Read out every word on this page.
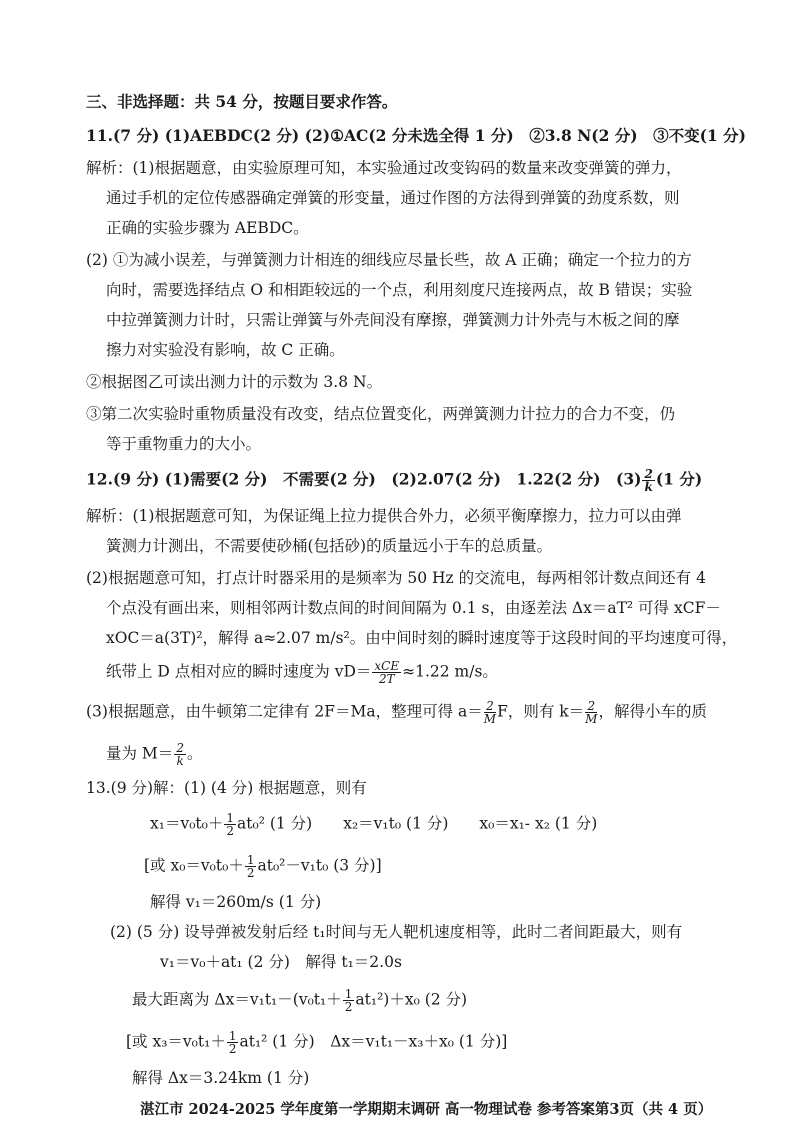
三、非选择题：共 54 分，按题目要求作答。
11.(7 分) (1)AEBDC(2 分) (2)①AC(2 分未选全得 1 分)　②3.8 N(2 分)　③不变(1 分)
解析：(1)根据题意，由实验原理可知，本实验通过改变钩码的数量来改变弹簧的弹力，
通过手机的定位传感器确定弹簧的形变量，通过作图的方法得到弹簧的劲度系数，则
正确的实验步骤为 AEBDC。
(2) ①为减小误差，与弹簧测力计相连的细线应尽量长些，故 A 正确；确定一个拉力的方
向时，需要选择结点 O 和相距较远的一个点，利用刻度尺连接两点，故 B 错误；实验
中拉弹簧测力计时，只需让弹簧与外壳间没有摩擦，弹簧测力计外壳与木板之间的摩
擦力对实验没有影响，故 C 正确。
②根据图乙可读出测力计的示数为 3.8 N。
③第二次实验时重物质量没有改变，结点位置变化，两弹簧测力计拉力的合力不变，仍
等于重物重力的大小。
12.(9 分) (1)需要(2 分)　不需要(2 分)　(2)2.07(2 分)　1.22(2 分)　$(3) \frac{2}{k} (1$ 分)
解析：(1)根据题意可知，为保证绳上拉力提供合外力，必须平衡摩擦力，拉力可以由弹
簧测力计测出，不需要使砂桶(包括砂)的质量远小于车的总质量。
(2)根据题意可知，打点计时器采用的是频率为 50 Hz 的交流电，每两相邻计数点间还有 4
个点没有画出来，则相邻两计数点间的时间间隔为 0.1 s，由逐差法 Δx＝aT² 可得 xCF－
xOC＝a(3T)²，解得 a≈2.07 m/s²。由中间时刻的瞬时速度等于这段时间的平均速度可得，
纸带上 D 点相对应的瞬时速度为 $vD= \frac{\text{xCE}}{2T} \approx 1.22$ m/s。
(3)根据题意，由牛顿第二定律有 2F＝Ma，整理可得 $a= \frac{2}{M}$ F，则有 $k= \frac{2}{M}$ ，解得小车的质
量为 $M= \frac{2}{k}$ 。
13.(9 分)解：(1) (4 分) 根据题意，则有
$x_1=v_0t_0+ \frac{1}{2} at_0^2$ (1 分)　　x₂＝v₁t₀ (1 分)　　x₀＝x₁- x₂ (1 分)
[或 $x_0=v_0t_0+ \frac{1}{2} at_0^2-v_1t_0$ (3 分)]
解得 v₁＝260m/s (1 分)
(2) (5 分) 设导弹被发射后经 t₁时间与无人靶机速度相等，此时二者间距最大，则有
v₁＝v₀＋at₁ (2 分)　解得 t₁＝2.0s
最大距离为 $\Delta x=v_1t_1-(v_0t_1+ \frac{1}{2} at_1^2)+x_0$ (2 分)
[或 $x_3=v_0t_1+ \frac{1}{2} at_1^2$ (1 分)　Δx＝v₁t₁－x₃＋x₀ (1 分)]
解得 Δx＝3.24km (1 分)
湛江市 2024-2025 学年度第一学期期末调研 高一物理试卷 参考答案第3页（共 4 页）
